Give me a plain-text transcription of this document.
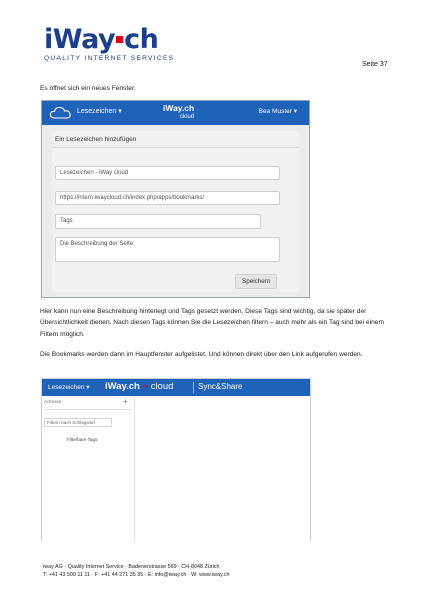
iWay ch
QUALITY INTERNET SERVICES
Seite 37
Es öffnet sich ein neues Fenster.
Lesezeichen ▾	iWay.ch
cloud
Bea Muster ▾
Ein Lesezeichen hinzufügen
Lesezeichen - iWay cloud
https://intern.iwaycloud.ch/index.php/apps/bookmarks/
Tags
Die Beschreibung der Seite
Speichern
Hier kann nun eine Beschreibung hinterlegt und Tags gesetzt werden. Diese Tags sind wichtig, da sie später der Übersichtlichkeit dienen. Nach diesen Tags können Sie die Lesezeichen filtern – auch mehr als ein Tag sind bei einem Filtern möglich.
Die Bookmarks werden dann im Hauptfenster aufgelistet. Und können direkt über den Link aufgerufen werden.
Lesezeichen ▾ iWay.ch + cloud	Sync&Share
Adresse	+
Filtern nach Schlagwort
Filterbare Tags
iway AG · Quality Internet Service · Badenerstrasse 569 · CH-8048 Zürich
T: +41 43 500 11 11 · F: +41 44 271 35 35 · E: info@iway.ch · W: www.iway.ch
